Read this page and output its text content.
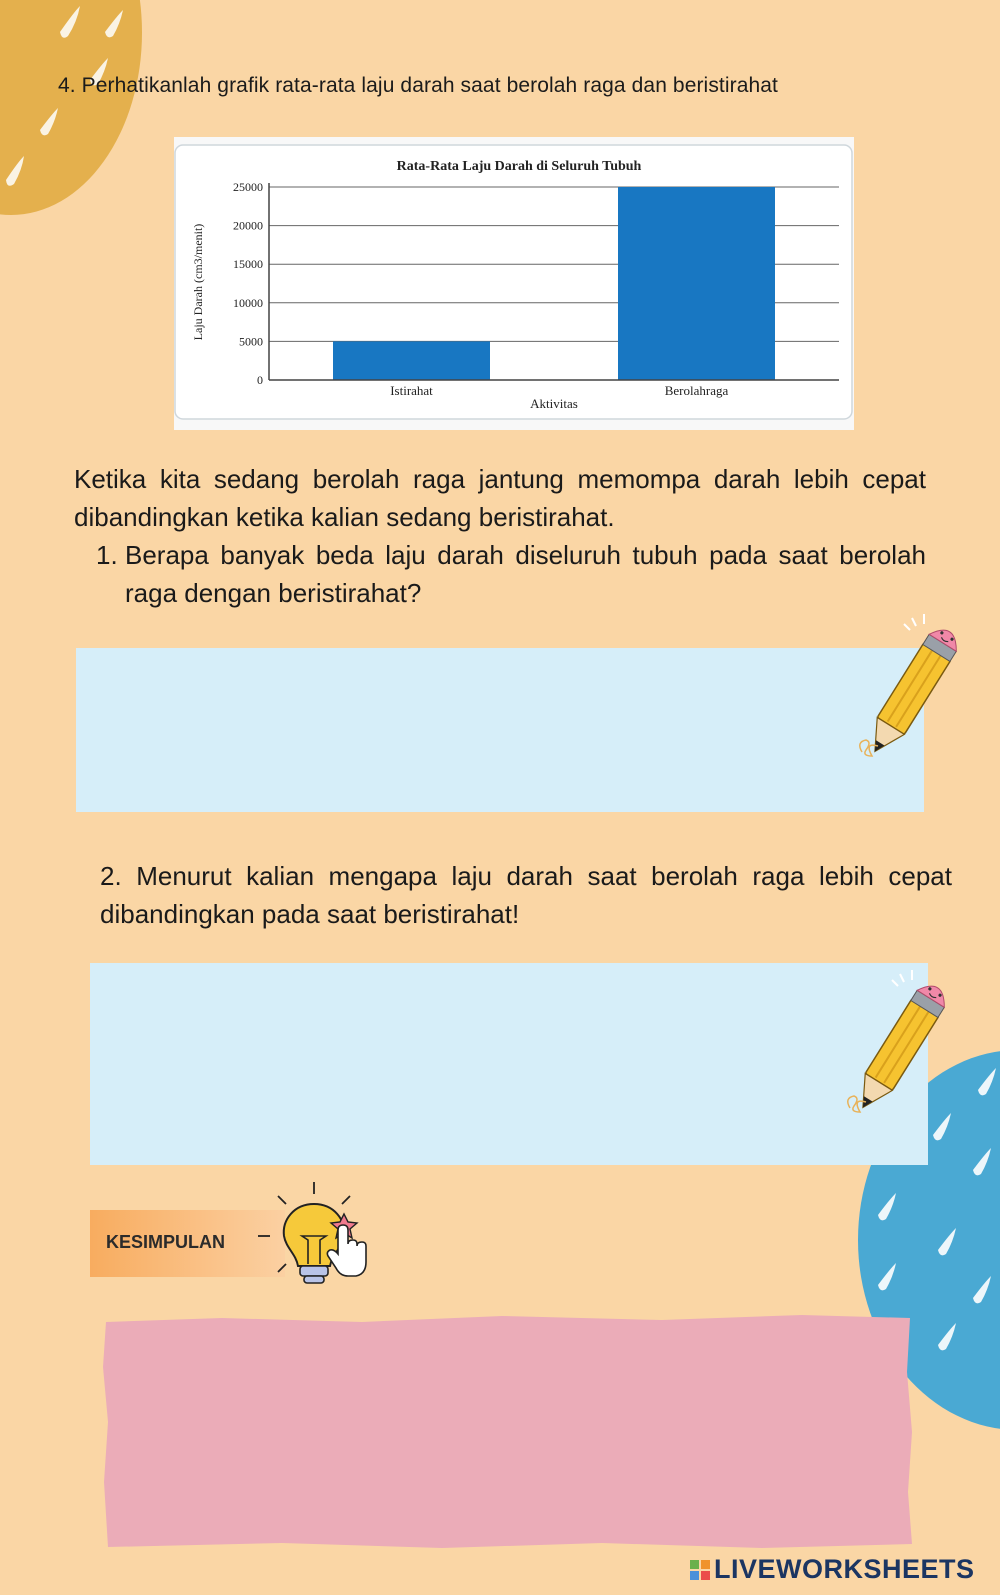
4. Perhatikanlah grafik rata-rata laju darah saat berolah raga dan beristirahat
Rata-Rata Laju Darah di Seluruh Tubuh
Laju Darah (cm3/menit)
Aktivitas
0
5000
10000
15000
20000
25000
Istirahat	Berolahraga
Ketika kita sedang berolah raga jantung memompa darah lebih cepat dibandingkan ketika kalian sedang beristirahat.
1. Berapa banyak beda laju darah diseluruh tubuh pada saat berolah raga dengan beristirahat?
2. Menurut kalian mengapa laju darah saat berolah raga lebih cepat dibandingkan pada saat beristirahat!
KESIMPULAN
LIVEWORKSHEETS
